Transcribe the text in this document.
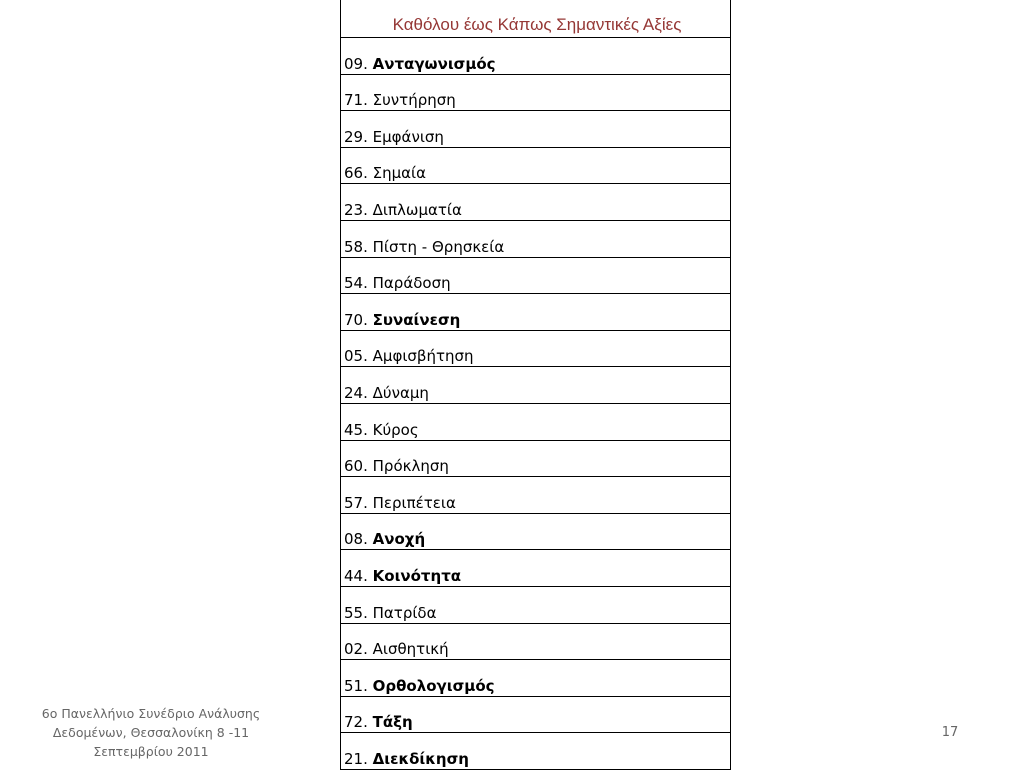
Καθόλου έως Κάπως Σημαντικές Αξίες
09. Ανταγωνισμός
71. Συντήρηση
29. Εμφάνιση
66. Σημαία
23. Διπλωματία
58. Πίστη - Θρησκεία
54. Παράδοση
70. Συναίνεση
05. Αμφισβήτηση
24. Δύναμη
45. Κύρος
60. Πρόκληση
57. Περιπέτεια
08. Ανοχή
44. Κοινότητα
55. Πατρίδα
02. Αισθητική
51. Ορθολογισμός
72. Τάξη
21. Διεκδίκηση
6ο Πανελλήνιο Συνέδριο Ανάλυσης
Δεδομένων, Θεσσαλονίκη 8 -11
Σεπτεμβρίου 2011
17
